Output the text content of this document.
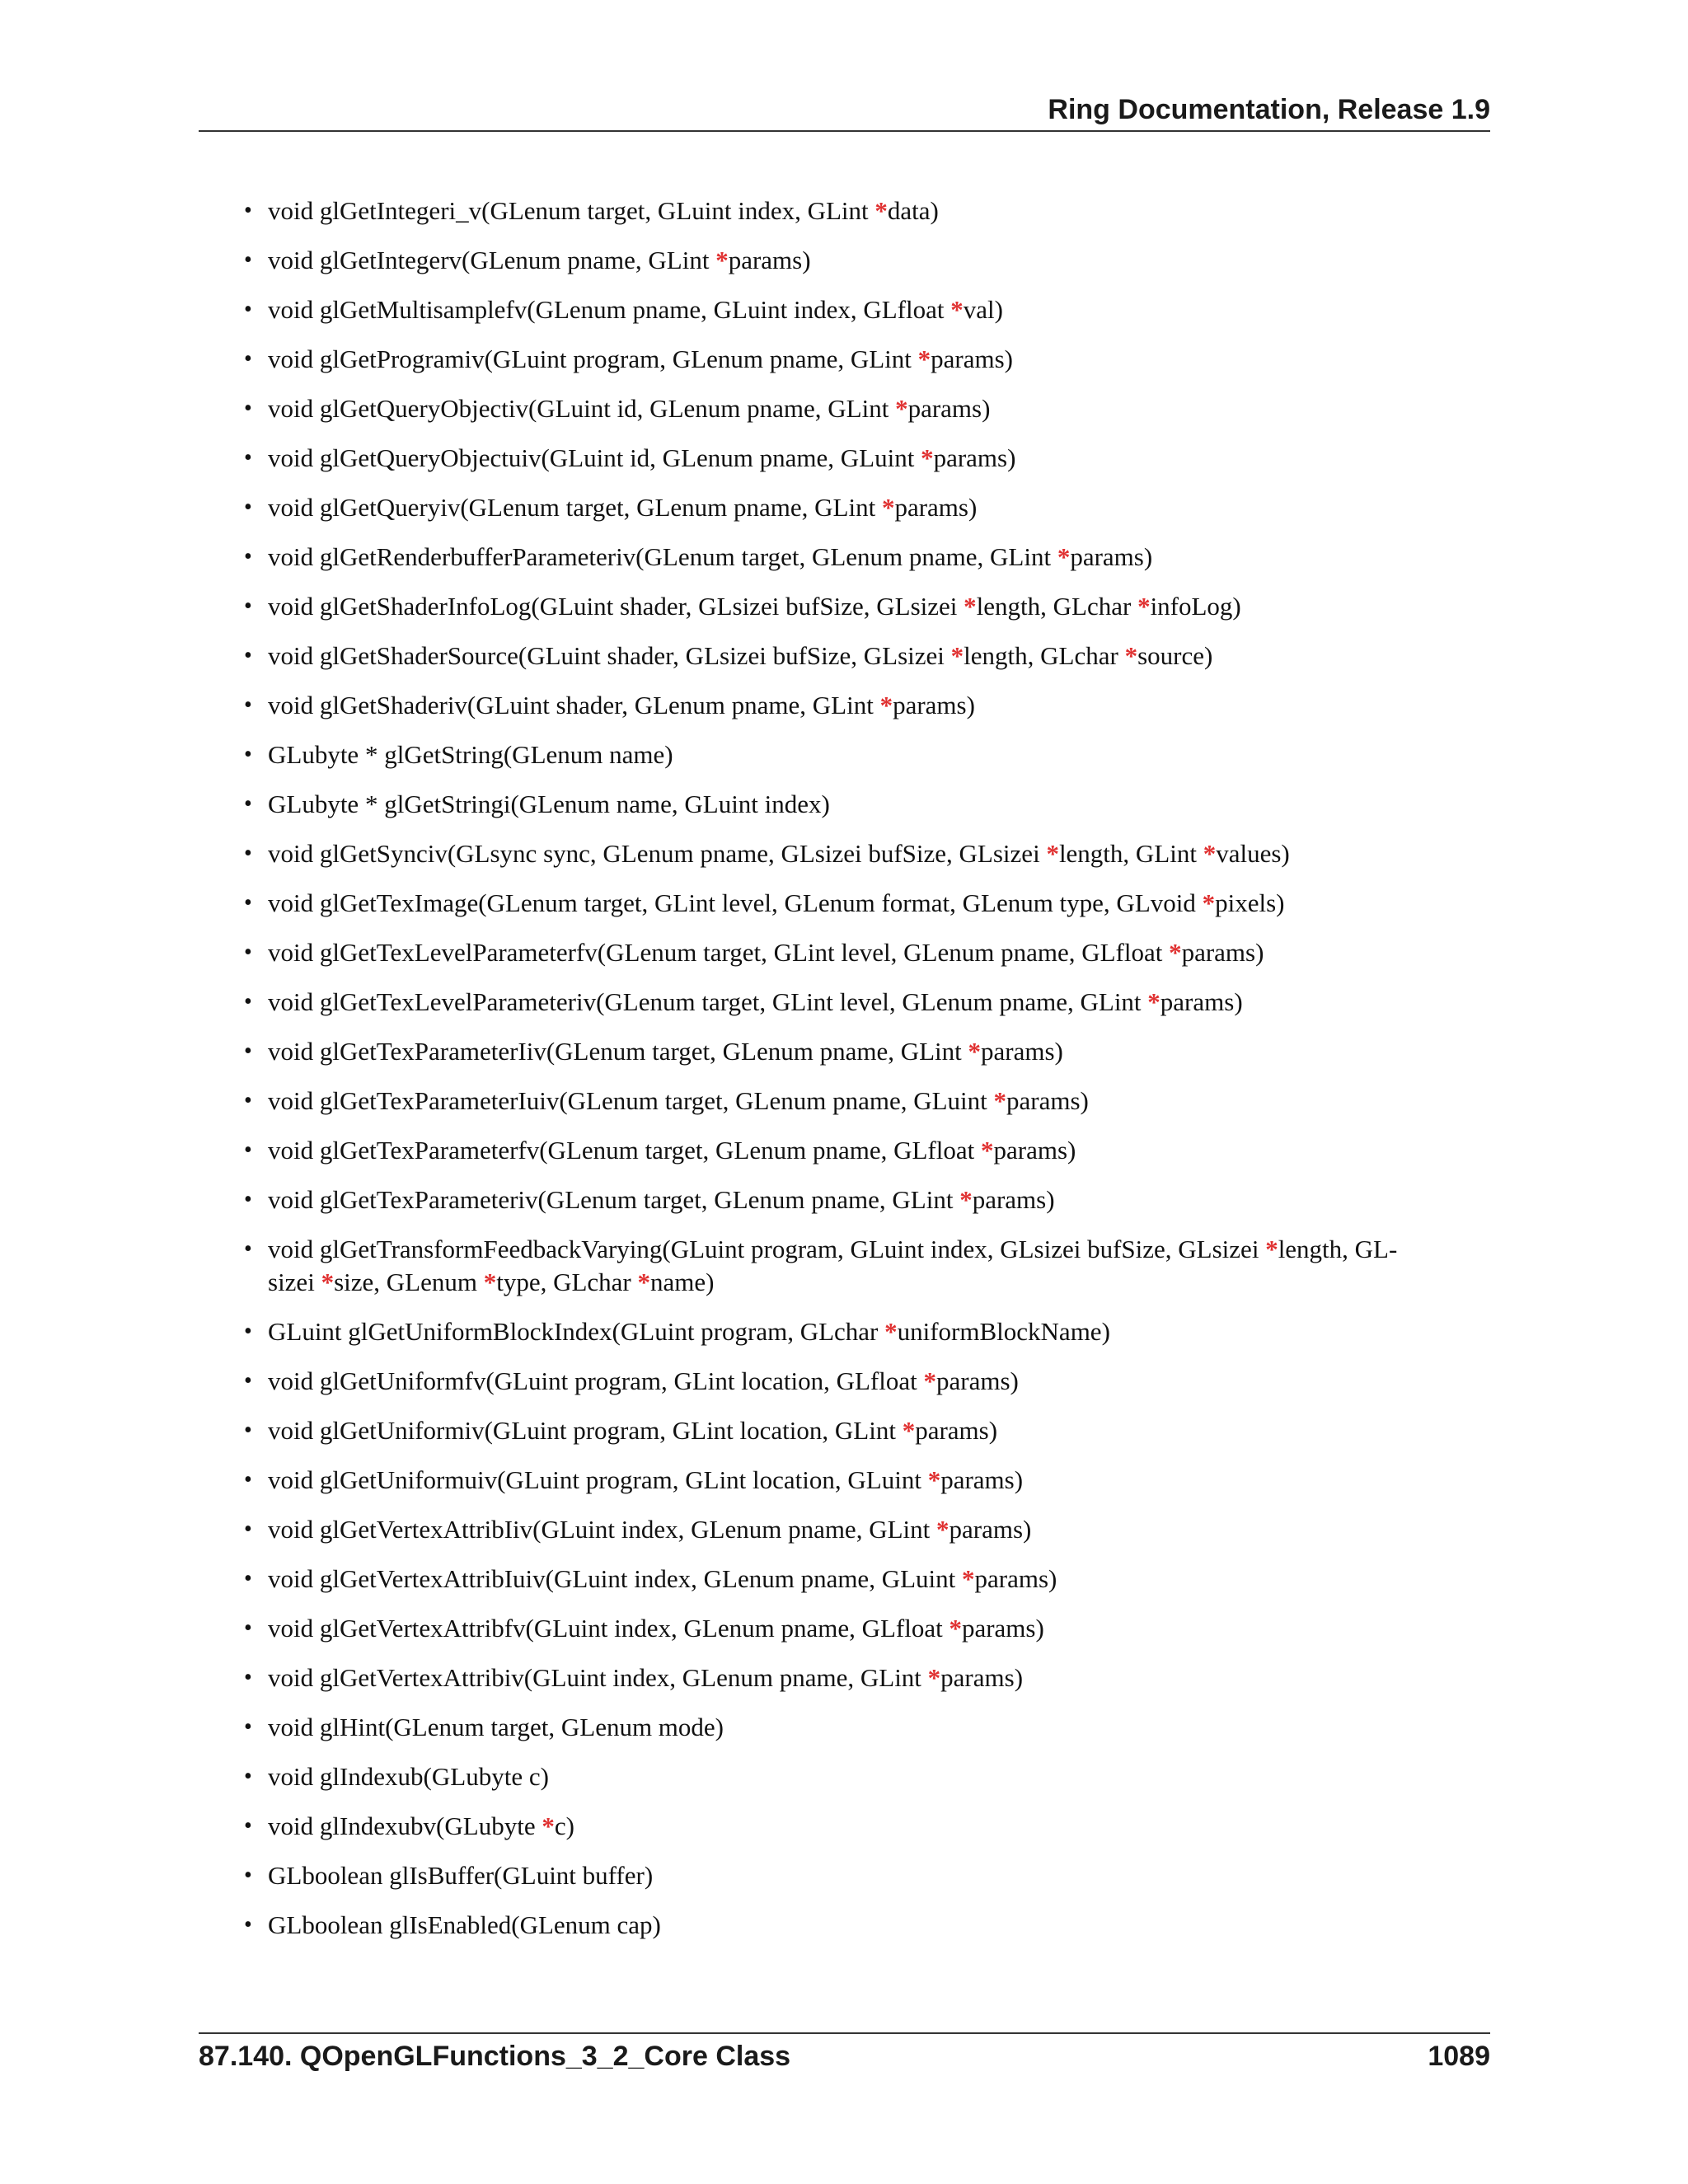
Ring Documentation, Release 1.9
• void glGetIntegeri_v(GLenum target, GLuint index, GLint *data)
• void glGetIntegerv(GLenum pname, GLint *params)
• void glGetMultisamplefv(GLenum pname, GLuint index, GLfloat *val)
• void glGetProgramiv(GLuint program, GLenum pname, GLint *params)
• void glGetQueryObjectiv(GLuint id, GLenum pname, GLint *params)
• void glGetQueryObjectuiv(GLuint id, GLenum pname, GLuint *params)
• void glGetQueryiv(GLenum target, GLenum pname, GLint *params)
• void glGetRenderbufferParameteriv(GLenum target, GLenum pname, GLint *params)
• void glGetShaderInfoLog(GLuint shader, GLsizei bufSize, GLsizei *length, GLchar *infoLog)
• void glGetShaderSource(GLuint shader, GLsizei bufSize, GLsizei *length, GLchar *source)
• void glGetShaderiv(GLuint shader, GLenum pname, GLint *params)
• GLubyte * glGetString(GLenum name)
• GLubyte * glGetStringi(GLenum name, GLuint index)
• void glGetSynciv(GLsync sync, GLenum pname, GLsizei bufSize, GLsizei *length, GLint *values)
• void glGetTexImage(GLenum target, GLint level, GLenum format, GLenum type, GLvoid *pixels)
• void glGetTexLevelParameterfv(GLenum target, GLint level, GLenum pname, GLfloat *params)
• void glGetTexLevelParameteriv(GLenum target, GLint level, GLenum pname, GLint *params)
• void glGetTexParameterIiv(GLenum target, GLenum pname, GLint *params)
• void glGetTexParameterIuiv(GLenum target, GLenum pname, GLuint *params)
• void glGetTexParameterfv(GLenum target, GLenum pname, GLfloat *params)
• void glGetTexParameteriv(GLenum target, GLenum pname, GLint *params)
• void glGetTransformFeedbackVarying(GLuint program, GLuint index, GLsizei bufSize, GLsizei *length, GL-
sizei *size, GLenum *type, GLchar *name)
• GLuint glGetUniformBlockIndex(GLuint program, GLchar *uniformBlockName)
• void glGetUniformfv(GLuint program, GLint location, GLfloat *params)
• void glGetUniformiv(GLuint program, GLint location, GLint *params)
• void glGetUniformuiv(GLuint program, GLint location, GLuint *params)
• void glGetVertexAttribIiv(GLuint index, GLenum pname, GLint *params)
• void glGetVertexAttribIuiv(GLuint index, GLenum pname, GLuint *params)
• void glGetVertexAttribfv(GLuint index, GLenum pname, GLfloat *params)
• void glGetVertexAttribiv(GLuint index, GLenum pname, GLint *params)
• void glHint(GLenum target, GLenum mode)
• void glIndexub(GLubyte c)
• void glIndexubv(GLubyte *c)
• GLboolean glIsBuffer(GLuint buffer)
• GLboolean glIsEnabled(GLenum cap)
87.140. QOpenGLFunctions_3_2_Core Class	1089
